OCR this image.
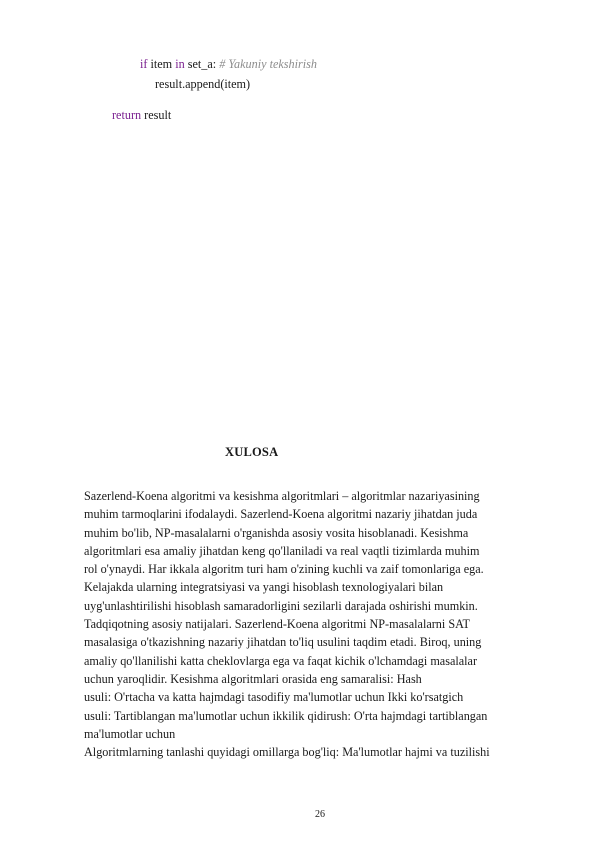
if item in set_a: # Yakuniy tekshirish
result.append(item)
return result
XULOSA
Sazerlend-Koena algoritmi va kesishma algoritmlari – algoritmlar nazariyasining
muhim tarmoqlarini ifodalaydi. Sazerlend-Koena algoritmi nazariy jihatdan juda
muhim bo'lib, NP-masalalarni o'rganishda asosiy vosita hisoblanadi. Kesishma
algoritmlari esa amaliy jihatdan keng qo'llaniladi va real vaqtli tizimlarda muhim
rol o'ynaydi. Har ikkala algoritm turi ham o'zining kuchli va zaif tomonlariga ega.
Kelajakda ularning integratsiyasi va yangi hisoblash texnologiyalari bilan
uyg'unlashtirilishi hisoblash samaradorligini sezilarli darajada oshirishi mumkin.
Tadqiqotning asosiy natijalari. Sazerlend-Koena algoritmi NP-masalalarni SAT
masalasiga o'tkazishning nazariy jihatdan to'liq usulini taqdim etadi. Biroq, uning
amaliy qo'llanilishi katta cheklovlarga ega va faqat kichik o'lchamdagi masalalar
uchun yaroqlidir. Kesishma algoritmlari orasida eng samaralisi: Hash
usuli: O'rtacha va katta hajmdagi tasodifiy ma'lumotlar uchun Ikki ko'rsatgich
usuli: Tartiblangan ma'lumotlar uchun ikkilik qidirush: O'rta hajmdagi tartiblangan
ma'lumotlar uchun
Algoritmlarning tanlashi quyidagi omillarga bog'liq: Ma'lumotlar hajmi va tuzilishi
26
